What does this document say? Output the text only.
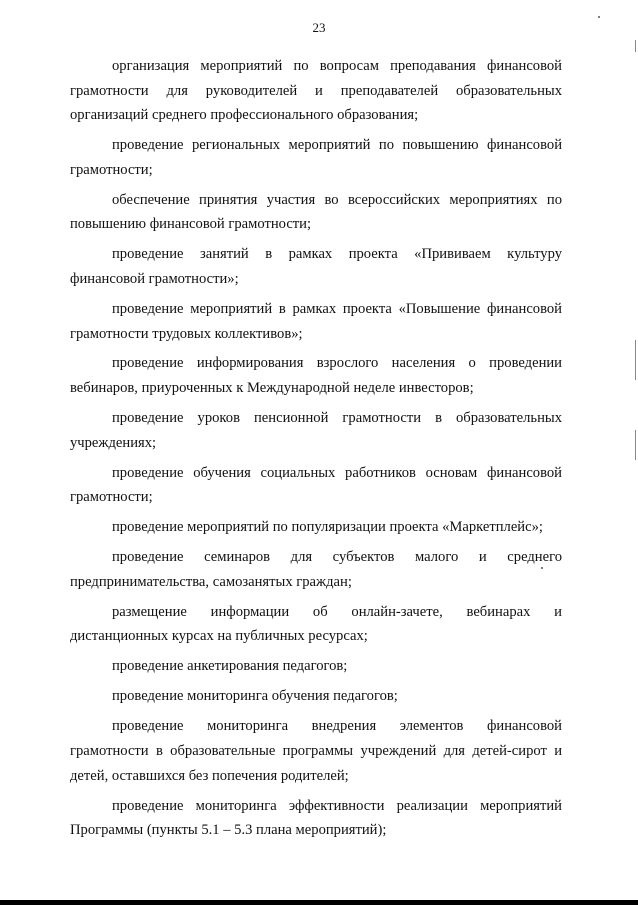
23

организация мероприятий по вопросам преподавания финансовой грамотности для руководителей и преподавателей образовательных организаций среднего профессионального образования;

проведение региональных мероприятий по повышению финансовой грамотности;

обеспечение принятия участия во всероссийских мероприятиях по повышению финансовой грамотности;

проведение занятий в рамках проекта «Прививаем культуру финансовой грамотности»;

проведение мероприятий в рамках проекта «Повышение финансовой грамотности трудовых коллективов»;

проведение информирования взрослого населения о проведении вебинаров, приуроченных к Международной неделе инвесторов;

проведение уроков пенсионной грамотности в образовательных учреждениях;

проведение обучения социальных работников основам финансовой грамотности;

проведение мероприятий по популяризации проекта «Маркетплейс»;

проведение семинаров для субъектов малого и среднего предпринимательства, самозанятых граждан;

размещение информации об онлайн-зачете, вебинарах и дистанционных курсах на публичных ресурсах;

проведение анкетирования педагогов;

проведение мониторинга обучения педагогов;

проведение мониторинга внедрения элементов финансовой грамотности в образовательные программы учреждений для детей-сирот и детей, оставшихся без попечения родителей;

проведение мониторинга эффективности реализации мероприятий Программы (пункты 5.1 – 5.3 плана мероприятий);
